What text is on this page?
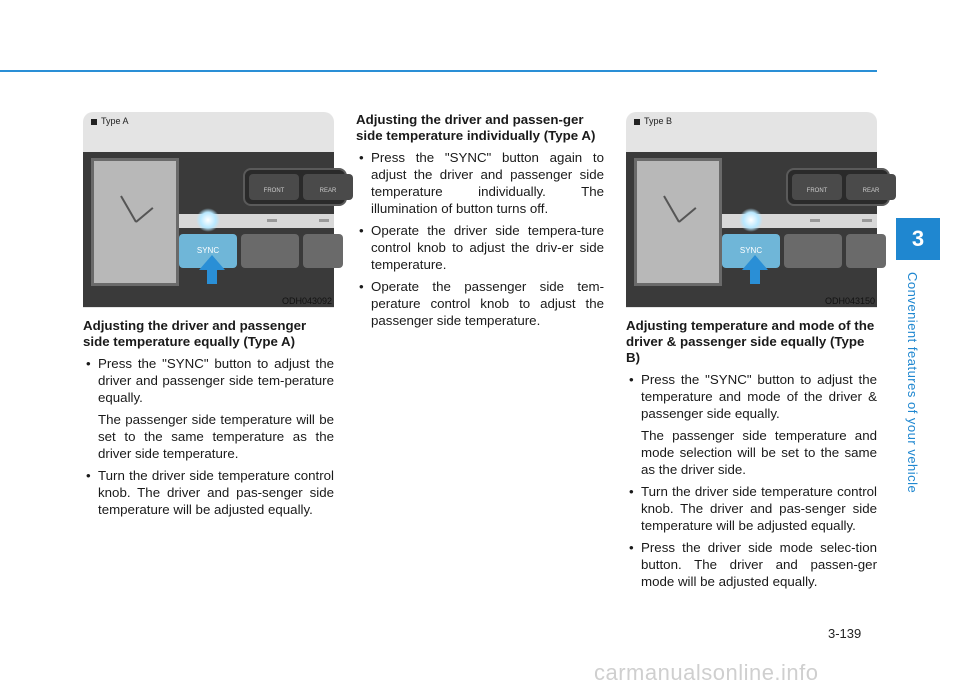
3
Convenient features of your vehicle
Type A
FRONT	REAR
SYNC
ODH043092
Type B
FRONT	REAR
SYNC
ODH043150
Adjusting the driver and passenger side temperature equally (Type A)
• Press the "SYNC" button to adjust the driver and passenger side tem-perature equally.

The passenger side temperature will be set to the same temperature as the driver side temperature.

• Turn the driver side temperature control knob. The driver and pas-senger side temperature will be adjusted equally.
Adjusting the driver and passen-ger side temperature individually (Type A)
• Press the "SYNC" button again to adjust the driver and passenger side temperature individually. The illumination of button turns off.
• Operate the driver side tempera-ture control knob to adjust the driv-er side temperature.
• Operate the passenger side tem-perature control knob to adjust the passenger side temperature.	Adjusting temperature and mode of the driver & passenger side equally (Type B)
• Press the "SYNC" button to adjust the temperature and mode of the driver & passenger side equally.

The passenger side temperature and mode selection will be set to the same as the driver side.

• Turn the driver side temperature control knob. The driver and pas-senger side temperature will be adjusted equally.
• Press the driver side mode selec-tion button. The driver and passen-ger mode will be adjusted equally.
3-139
carmanualsonline.info
